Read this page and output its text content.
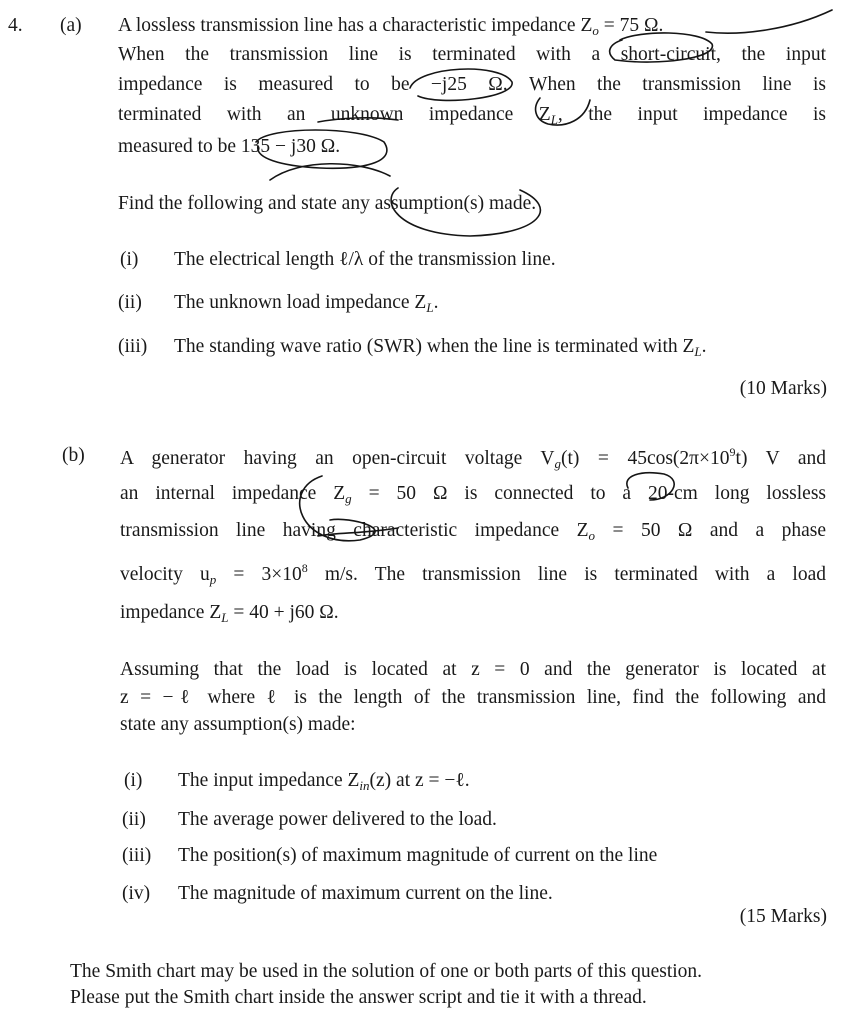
4. (a) A lossless transmission line has a characteristic impedance $Z_o = 75$ Ω.
When the transmission line is terminated with a short-circuit, the input
impedance is measured to be −j25 Ω. When the transmission line is
terminated with an unknown impedance $Z_L$, the input impedance is
measured to be 135 − j30 Ω.
Find the following and state any assumption(s) made.
(i) The electrical length ℓ/λ of the transmission line.
(ii) The unknown load impedance $Z_L$.
(iii) The standing wave ratio (SWR) when the line is terminated with $Z_L$.
(10 Marks)
(b) A generator having an open-circuit voltage $V_g(t) = 45\cos(2\pi\times 10^9t)$ V and
an internal impedance $Z_g = 50$ Ω is connected to a 20-cm long lossless
transmission line having characteristic impedance $Z_o = 50$ Ω and a phase
velocity $u_p = 3\times 10^8$ m/s. The transmission line is terminated with a load
impedance $Z_L = 40 + j60$ Ω.
Assuming that the load is located at z = 0 and the generator is located at
z = −ℓ where ℓ is the length of the transmission line, find the following and
state any assumption(s) made:
(i) The input impedance $Z_{in}(z)$ at z = −ℓ.
(ii) The average power delivered to the load.
(iii) The position(s) of maximum magnitude of current on the line
(iv) The magnitude of maximum current on the line.
(15 Marks)
The Smith chart may be used in the solution of one or both parts of this question.
Please put the Smith chart inside the answer script and tie it with a thread.
